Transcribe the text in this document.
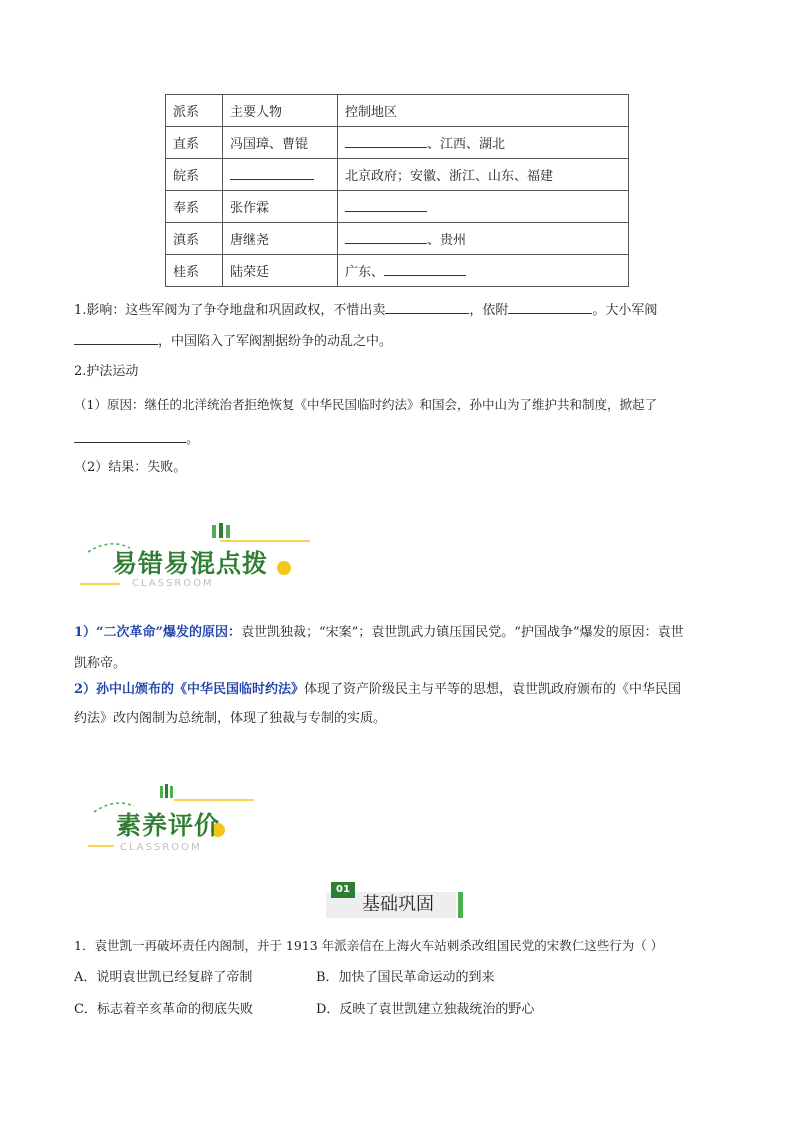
派系	主要人物	控制地区
直系	冯国璋、曹锟	、江西、湖北
皖系		北京政府；安徽、浙江、山东、福建
奉系	张作霖	
滇系	唐继尧	、贵州
桂系	陆荣廷	广东、
1.影响：这些军阀为了争夺地盘和巩固政权，不惜出卖	，依附	。大小军阀
，中国陷入了军阀割据纷争的动乱之中。
2.护法运动
（1）原因：继任的北洋统治者拒绝恢复《中华民国临时约法》和国会，孙中山为了维护共和制度，掀起了
。
（2）结果：失败。
易错易混点拨
CLASSROOM
1）“二次革命”爆发的原因：袁世凯独裁；“宋案”；袁世凯武力镇压国民党。“护国战争”爆发的原因：袁世
凯称帝。
2）孙中山颁布的《中华民国临时约法》体现了资产阶级民主与平等的思想，袁世凯政府颁布的《中华民国
约法》改内阁制为总统制，体现了独裁与专制的实质。
素养评价
CLASSROOM
01
基础巩固
1．袁世凯一再破坏责任内阁制，并于 1913 年派亲信在上海火车站刺杀改组国民党的宋教仁这些行为（ ）
A．说明袁世凯已经复辟了帝制	B．加快了国民革命运动的到来
C．标志着辛亥革命的彻底失败	D．反映了袁世凯建立独裁统治的野心
